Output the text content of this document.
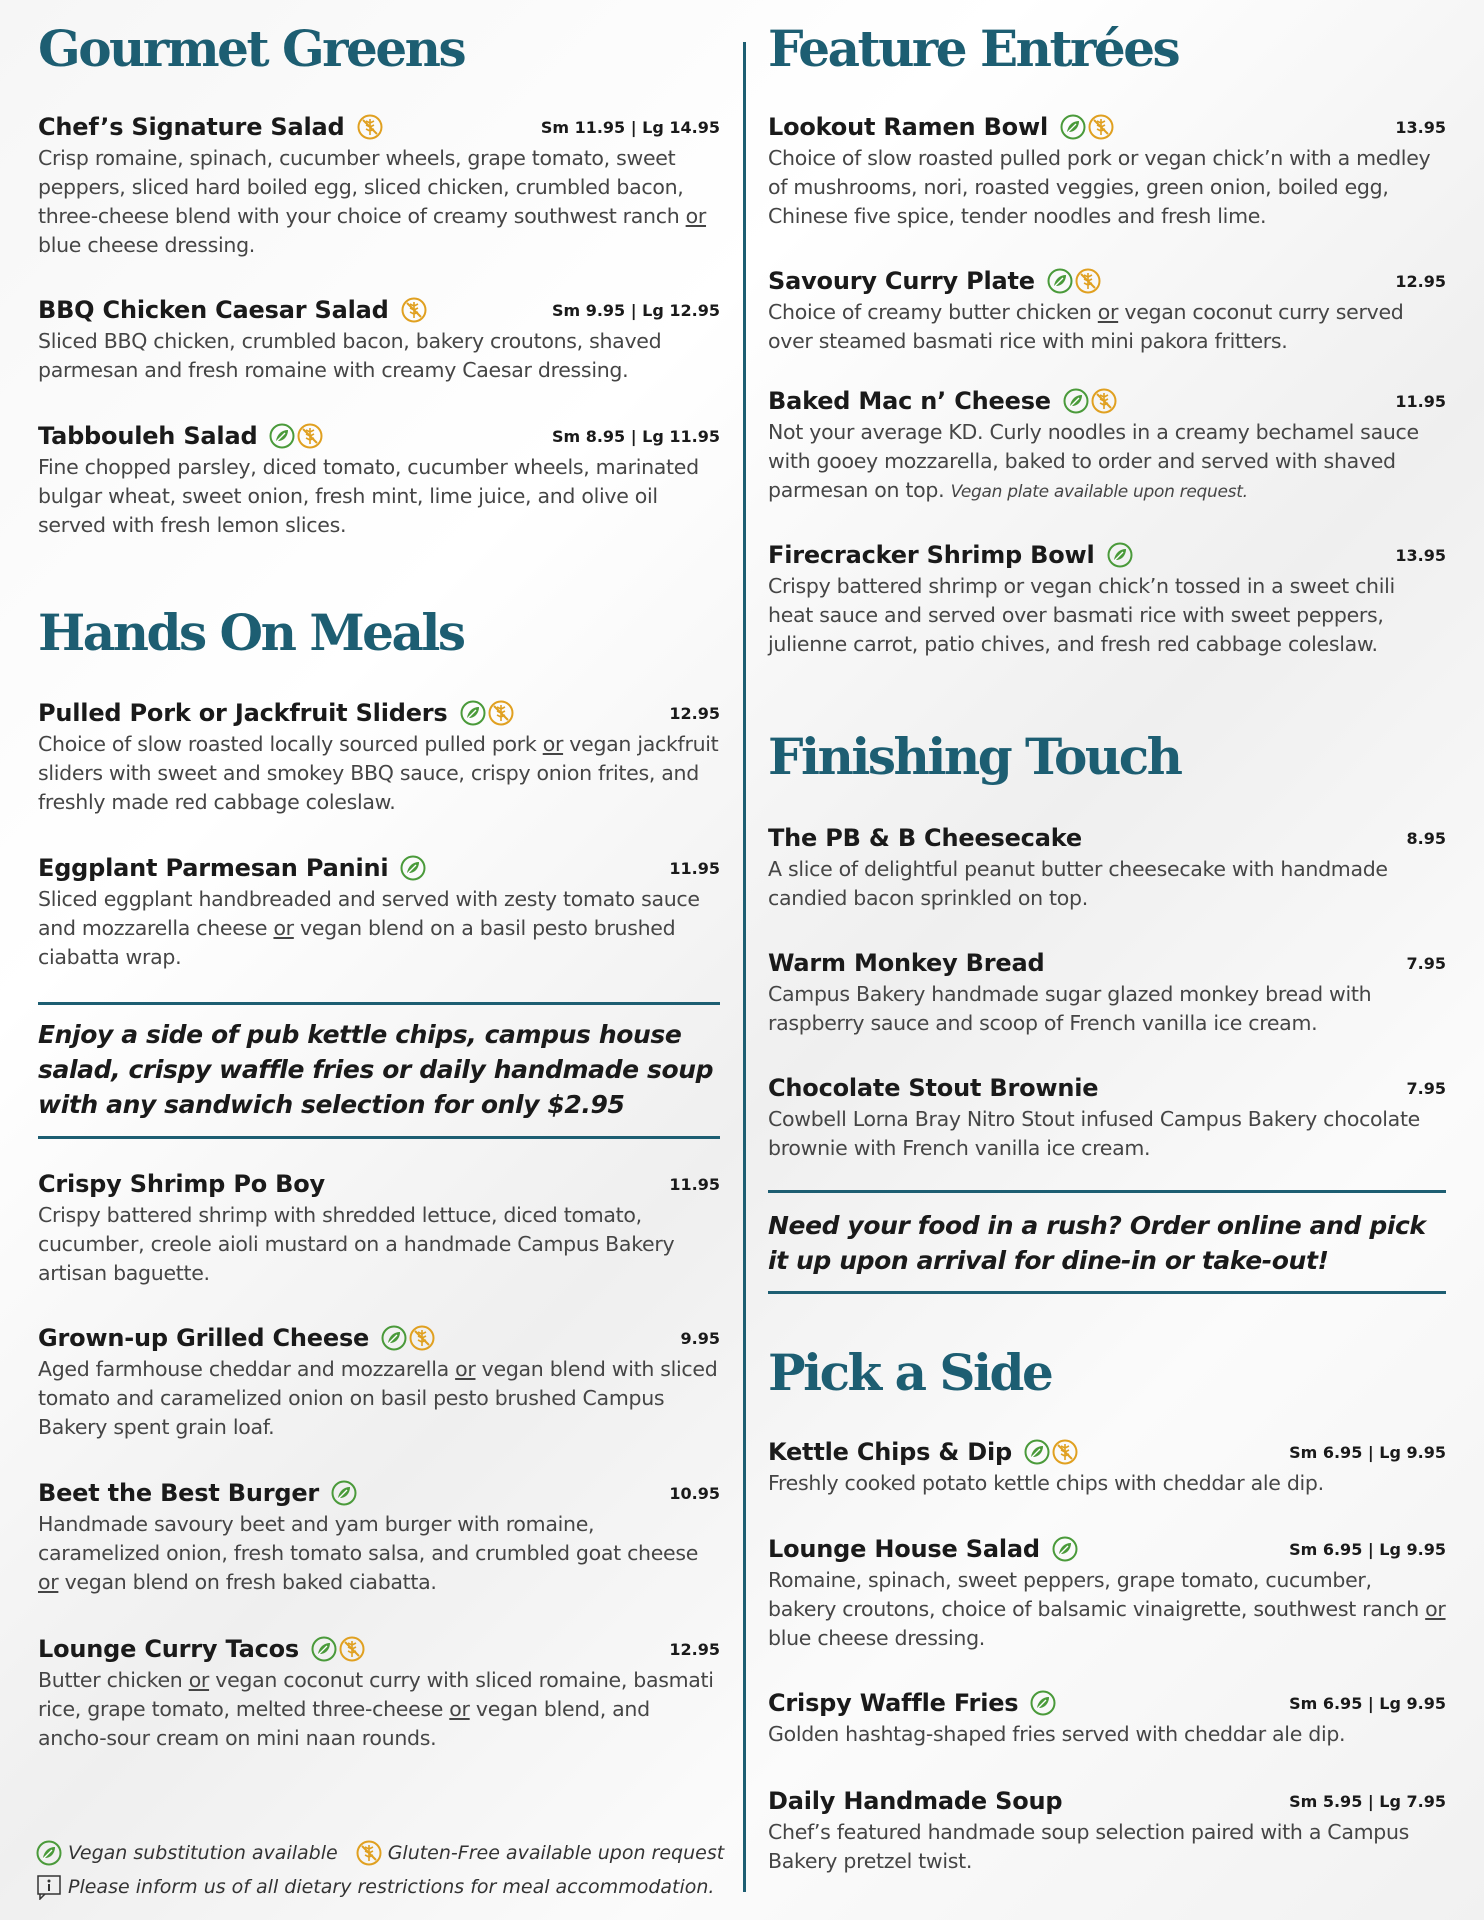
Gourmet Greens
Chef’s Signature Salad	Sm 11.95 | Lg 14.95
Crisp romaine, spinach, cucumber wheels, grape tomato, sweet peppers, sliced hard boiled egg, sliced chicken, crumbled bacon, three-cheese blend with your choice of creamy southwest ranch or blue cheese dressing.
BBQ Chicken Caesar Salad	Sm 9.95 | Lg 12.95
Sliced BBQ chicken, crumbled bacon, bakery croutons, shaved parmesan and fresh romaine with creamy Caesar dressing.
Tabbouleh Salad	Sm 8.95 | Lg 11.95
Fine chopped parsley, diced tomato, cucumber wheels, marinated bulgar wheat, sweet onion, fresh mint, lime juice, and olive oil served with fresh lemon slices.
Hands On Meals
Pulled Pork or Jackfruit Sliders	12.95
Choice of slow roasted locally sourced pulled pork or vegan jackfruit sliders with sweet and smokey BBQ sauce, crispy onion frites, and freshly made red cabbage coleslaw.
Eggplant Parmesan Panini	11.95
Sliced eggplant handbreaded and served with zesty tomato sauce and mozzarella cheese or vegan blend on a basil pesto brushed ciabatta wrap.

Enjoy a side of pub kettle chips, campus house salad, crispy waffle fries or daily handmade soup with any sandwich selection for only $2.95

Crispy Shrimp Po Boy	11.95
Crispy battered shrimp with shredded lettuce, diced tomato, cucumber, creole aioli mustard on a handmade Campus Bakery artisan baguette.
Grown-up Grilled Cheese	9.95
Aged farmhouse cheddar and mozzarella or vegan blend with sliced tomato and caramelized onion on basil pesto brushed Campus Bakery spent grain loaf.
Beet the Best Burger	10.95
Handmade savoury beet and yam burger with romaine, caramelized onion, fresh tomato salsa, and crumbled goat cheese or vegan blend on fresh baked ciabatta.
Lounge Curry Tacos	12.95
Butter chicken or vegan coconut curry with sliced romaine, basmati rice, grape tomato, melted three-cheese or vegan blend, and ancho-sour cream on mini naan rounds.
Vegan substitution available	Gluten-Free available upon request
Please inform us of all dietary restrictions for meal accommodation.
Feature Entrées
Lookout Ramen Bowl	13.95
Choice of slow roasted pulled pork or vegan chick’n with a medley of mushrooms, nori, roasted veggies, green onion, boiled egg, Chinese five spice, tender noodles and fresh lime.
Savoury Curry Plate	12.95
Choice of creamy butter chicken or vegan coconut curry served over steamed basmati rice with mini pakora fritters.
Baked Mac n’ Cheese	11.95
Not your average KD. Curly noodles in a creamy bechamel sauce with gooey mozzarella, baked to order and served with shaved parmesan on top. Vegan plate available upon request.
Firecracker Shrimp Bowl	13.95
Crispy battered shrimp or vegan chick’n tossed in a sweet chili heat sauce and served over basmati rice with sweet peppers, julienne carrot, patio chives, and fresh red cabbage coleslaw.
Finishing Touch
The PB & B Cheesecake	8.95
A slice of delightful peanut butter cheesecake with handmade candied bacon sprinkled on top.
Warm Monkey Bread	7.95
Campus Bakery handmade sugar glazed monkey bread with raspberry sauce and scoop of French vanilla ice cream.
Chocolate Stout Brownie	7.95
Cowbell Lorna Bray Nitro Stout infused Campus Bakery chocolate brownie with French vanilla ice cream.

Need your food in a rush? Order online and pick it up upon arrival for dine-in or take-out!

Pick a Side
Kettle Chips & Dip	Sm 6.95 | Lg 9.95
Freshly cooked potato kettle chips with cheddar ale dip.
Lounge House Salad	Sm 6.95 | Lg 9.95
Romaine, spinach, sweet peppers, grape tomato, cucumber, bakery croutons, choice of balsamic vinaigrette, southwest ranch or blue cheese dressing.
Crispy Waffle Fries	Sm 6.95 | Lg 9.95
Golden hashtag-shaped fries served with cheddar ale dip.
Daily Handmade Soup	Sm 5.95 | Lg 7.95
Chef’s featured handmade soup selection paired with a Campus Bakery pretzel twist.
